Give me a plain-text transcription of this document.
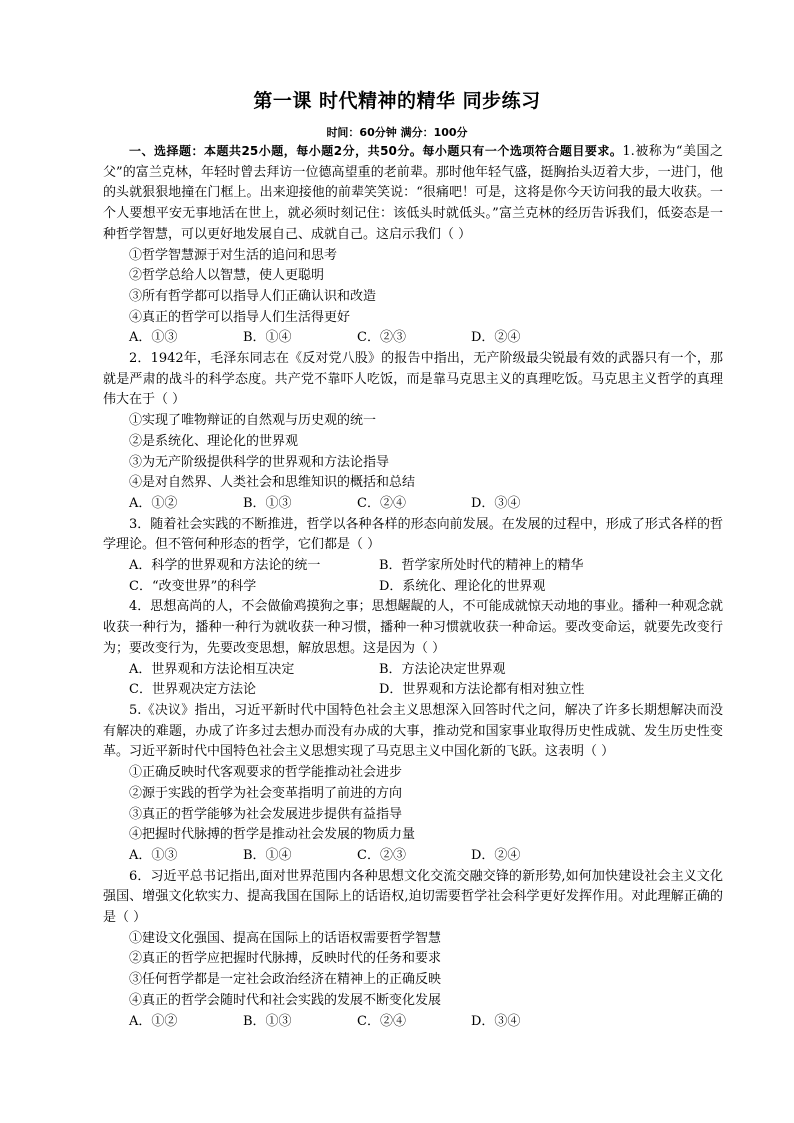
第一课 时代精神的精华 同步练习
时间：60分钟 满分：100分

一、选择题：本题共25小题，每小题2分，共50分。每小题只有一个选项符合题目要求。1.被称为“美国之父”的富兰克林，年轻时曾去拜访一位德高望重的老前辈。那时他年轻气盛，挺胸抬头迈着大步，一进门，他的头就狠狠地撞在门框上。出来迎接他的前辈笑笑说：“很痛吧！可是，这将是你今天访问我的最大收获。一个人要想平安无事地活在世上，就必须时刻记住：该低头时就低头。”富兰克林的经历告诉我们，低姿态是一种哲学智慧，可以更好地发展自己、成就自己。这启示我们（ ）

①哲学智慧源于对生活的追问和思考

②哲学总给人以智慧，使人更聪明

③所有哲学都可以指导人们正确认识和改造

④真正的哲学可以指导人们生活得更好

A．①③	B．①④	C．②③	D．②④

2．1942年，毛泽东同志在《反对党八股》的报告中指出，无产阶级最尖锐最有效的武器只有一个，那就是严肃的战斗的科学态度。共产党不靠吓人吃饭，而是靠马克思主义的真理吃饭。马克思主义哲学的真理伟大在于（ ）

①实现了唯物辩证的自然观与历史观的统一

②是系统化、理论化的世界观

③为无产阶级提供科学的世界观和方法论指导

④是对自然界、人类社会和思维知识的概括和总结

A．①②	B．①③	C．②④	D．③④

3．随着社会实践的不断推进，哲学以各种各样的形态向前发展。在发展的过程中，形成了形式各样的哲学理论。但不管何种形态的哲学，它们都是（ ）

A．科学的世界观和方法论的统一	B．哲学家所处时代的精神上的精华
C．“改变世界”的科学	D．系统化、理论化的世界观

4．思想高尚的人，不会做偷鸡摸狗之事；思想龌龊的人，不可能成就惊天动地的事业。播种一种观念就收获一种行为，播种一种行为就收获一种习惯，播种一种习惯就收获一种命运。要改变命运，就要先改变行为；要改变行为，先要改变思想，解放思想。这是因为（ ）

A．世界观和方法论相互决定	B．方法论决定世界观
C．世界观决定方法论	D．世界观和方法论都有相对独立性

5.《决议》指出，习近平新时代中国特色社会主义思想深入回答时代之问，解决了许多长期想解决而没有解决的难题，办成了许多过去想办而没有办成的大事，推动党和国家事业取得历史性成就、发生历史性变革。习近平新时代中国特色社会主义思想实现了马克思主义中国化新的飞跃。这表明（ ）

①正确反映时代客观要求的哲学能推动社会进步

②源于实践的哲学为社会变革指明了前进的方向

③真正的哲学能够为社会发展进步提供有益指导

④把握时代脉搏的哲学是推动社会发展的物质力量

A．①③	B．①④	C．②③	D．②④

6．习近平总书记指出,面对世界范围内各种思想文化交流交融交锋的新形势,如何加快建设社会主义文化强国、增强文化软实力、提高我国在国际上的话语权,迫切需要哲学社会科学更好发挥作用。对此理解正确的是（ ）

①建设文化强国、提高在国际上的话语权需要哲学智慧

②真正的哲学应把握时代脉搏，反映时代的任务和要求

③任何哲学都是一定社会政治经济在精神上的正确反映

④真正的哲学会随时代和社会实践的发展不断变化发展

A．①②	B．①③	C．②④	D．③④
